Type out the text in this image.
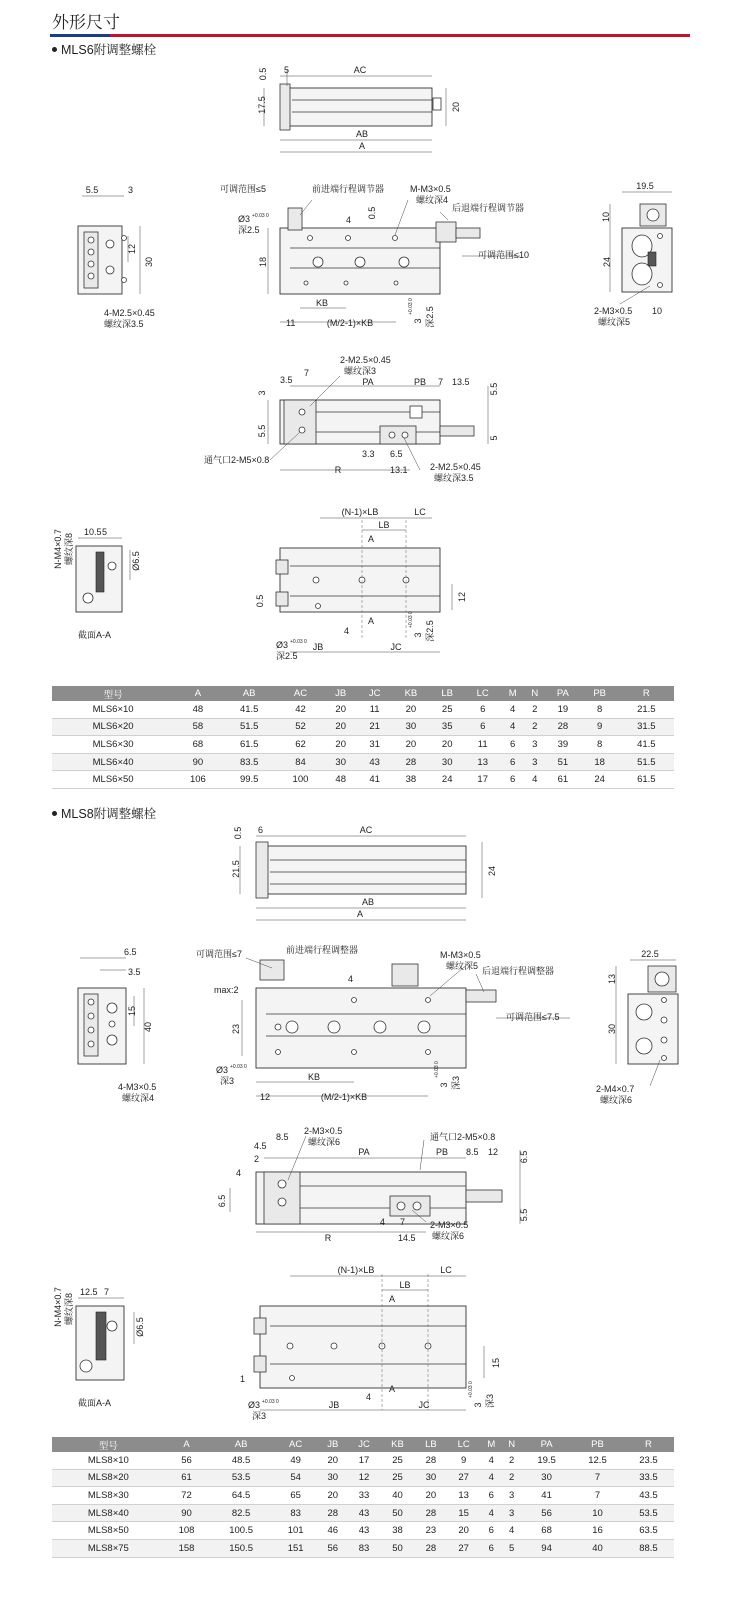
外形尺寸
MLS6附调整螺栓
0.5 5	AC
17.5	20
AB
A
5.5	3
12
30
4-M2.5×0.45
螺纹深3.5
可调范围≤5	前进端行程调节器	M-M3×0.5
螺纹深4
后退端行程调节器
Ø3 +0.03 0
深2.5
4
0.5
18
可调范围≤10
KB
11	(M/2-1)×KB	3
+0.03 0 深2.5
19.5
10
24
2-M3×0.5
螺纹深5
10
3.5
7
2-M2.5×0.45
螺纹深3
PA	PB 7 13.5
5.5
3
5.5
3.3 6.5
5
通气口2-M5×0.8
R	13.1 2-M2.5×0.45
螺纹深3.5
N-M4×0.7 螺纹深8
10.5 5
Ø6.5
截面A-A
(N-1)×LB
LB
LC
A
0.5	12
4
A
Ø3 +0.03 0
深2.5
JB	JC
3
+0.03 0
深2.5
型号	A	AB	AC	JB	JC	KB	LB	LC	M	N	PA	PB	R
MLS6×10	48	41.5	42	20	11	20	25	6	4	2	19	8	21.5
MLS6×20	58	51.5	52	20	21	30	35	6	4	2	28	9	31.5
MLS6×30	68	61.5	62	20	31	20	20	11	6	3	39	8	41.5
MLS6×40	90	83.5	84	30	43	28	30	13	6	3	51	18	51.5
MLS6×50	106	99.5	100	48	41	38	24	17	6	4	61	24	61.5
MLS8附调整螺栓
0.5 6	AC
21.5	24
AB
A
6.5
3.5
15
40
4-M3×0.5
螺纹深4
可调范围≤7	前进端行程调整器	M-M3×0.5
螺纹深5 后退端行程调整器
max:2
4
23
可调范围≤7.5
Ø3 +0.03 0
深3	KB
12	(M/2-1)×KB
3
+0.03 0
深3
22.5
13
30
2-M4×0.7
螺纹深6
4.5
8.5
2-M3×0.5
螺纹深6	通气口2-M5×0.8
2
PA	PB 8.5 12 6.5
4
6.5
4 7
5.5
R	14.5
2-M3×0.5
螺纹深6
N-M4×0.7 螺纹深8
12.5 7
Ø6.5
截面A-A
(N-1)×LB
LB
LC
A
15
1
4
A
Ø3 +0.03 0
深3
JB	JC	3
+0.03 0
深3
型号	A	AB	AC	JB	JC	KB	LB	LC	M	N	PA	PB	R
MLS8×10	56	48.5	49	20	17	25	28	9	4	2	19.5	12.5	23.5
MLS8×20	61	53.5	54	30	12	25	30	27	4	2	30	7	33.5
MLS8×30	72	64.5	65	20	33	40	20	13	6	3	41	7	43.5
MLS8×40	90	82.5	83	28	43	50	28	15	4	3	56	10	53.5
MLS8×50	108	100.5	101	46	43	38	23	20	6	4	68	16	63.5
MLS8×75	158	150.5	151	56	83	50	28	27	6	5	94	40	88.5
